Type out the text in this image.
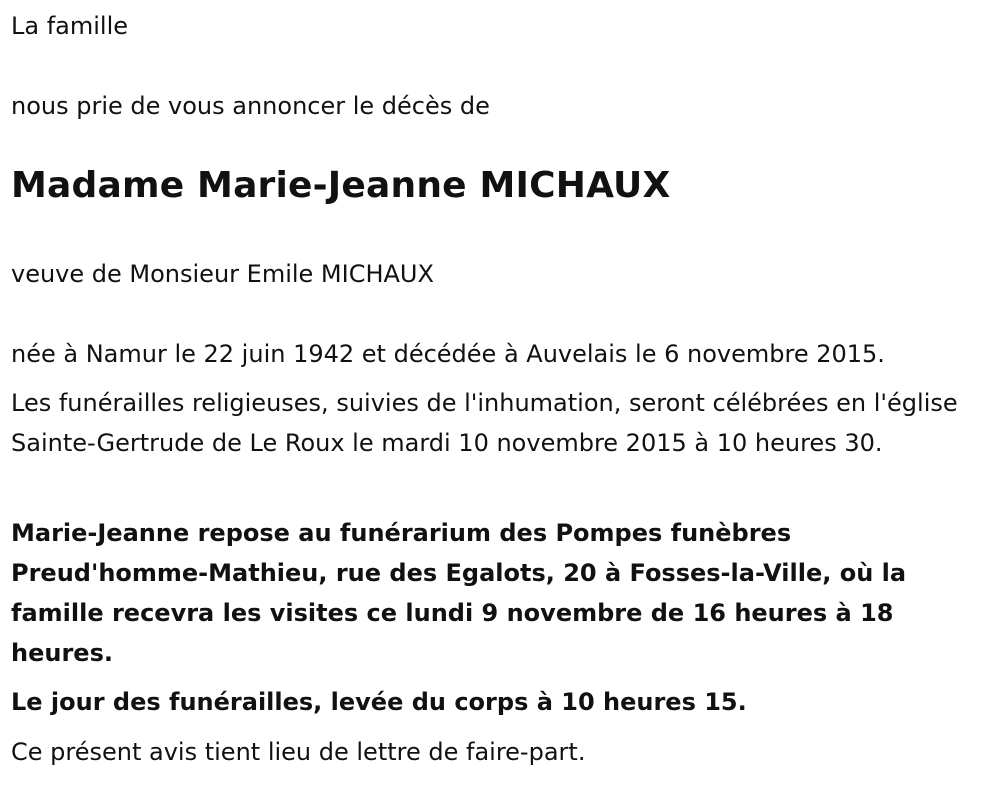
La famille

nous prie de vous annoncer le décès de

Madame Marie-Jeanne MICHAUX

veuve de Monsieur Emile MICHAUX

née à Namur le 22 juin 1942 et décédée à Auvelais le 6 novembre 2015.

Les funérailles religieuses, suivies de l'inhumation, seront célébrées en l'église Sainte-Gertrude de Le Roux le mardi 10 novembre 2015 à 10 heures 30.

Marie-Jeanne repose au funérarium des Pompes funèbres Preud'homme-Mathieu, rue des Egalots, 20 à Fosses-la-Ville, où la famille recevra les visites ce lundi 9 novembre de 16 heures à 18 heures.

Le jour des funérailles, levée du corps à 10 heures 15.

Ce présent avis tient lieu de lettre de faire-part.
